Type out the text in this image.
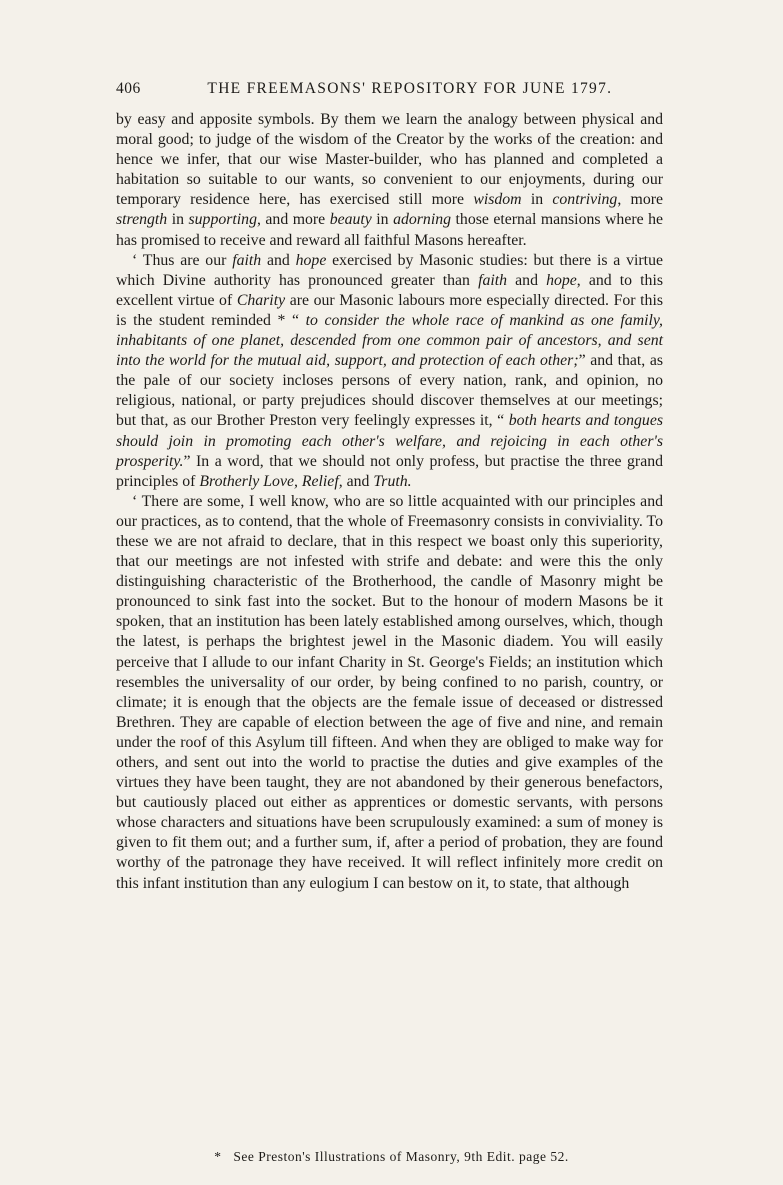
406	THE FREEMASONS' REPOSITORY FOR JUNE 1797.

by easy and apposite symbols. By them we learn the analogy between physical and moral good; to judge of the wisdom of the Creator by the works of the creation: and hence we infer, that our wise Master-builder, who has planned and completed a habitation so suitable to our wants, so convenient to our enjoyments, during our temporary residence here, has exercised still more wisdom in contriving, more strength in supporting, and more beauty in adorning those eternal mansions where he has promised to receive and reward all faithful Masons hereafter.

‘ Thus are our faith and hope exercised by Masonic studies: but there is a virtue which Divine authority has pronounced greater than faith and hope, and to this excellent virtue of Charity are our Masonic labours more especially directed. For this is the student reminded * “ to consider the whole race of mankind as one family, inhabitants of one planet, descended from one common pair of ancestors, and sent into the world for the mutual aid, support, and protection of each other;” and that, as the pale of our society incloses persons of every nation, rank, and opinion, no religious, national, or party prejudices should discover themselves at our meetings; but that, as our Brother Preston very feelingly expresses it, “ both hearts and tongues should join in promoting each other's welfare, and rejoicing in each other's prosperity.” In a word, that we should not only profess, but practise the three grand principles of Brotherly Love, Relief, and Truth.

‘ There are some, I well know, who are so little acquainted with our principles and our practices, as to contend, that the whole of Freemasonry consists in conviviality. To these we are not afraid to declare, that in this respect we boast only this superiority, that our meetings are not infested with strife and debate: and were this the only distinguishing characteristic of the Brotherhood, the candle of Masonry might be pronounced to sink fast into the socket. But to the honour of modern Masons be it spoken, that an institution has been lately established among ourselves, which, though the latest, is perhaps the brightest jewel in the Masonic diadem. You will easily perceive that I allude to our infant Charity in St. George's Fields; an institution which resembles the universality of our order, by being confined to no parish, country, or climate; it is enough that the objects are the female issue of deceased or distressed Brethren. They are capable of election between the age of five and nine, and remain under the roof of this Asylum till fifteen. And when they are obliged to make way for others, and sent out into the world to practise the duties and give examples of the virtues they have been taught, they are not abandoned by their generous benefactors, but cautiously placed out either as apprentices or domestic servants, with persons whose characters and situations have been scrupulously examined: a sum of money is given to fit them out; and a further sum, if, after a period of probation, they are found worthy of the patronage they have received. It will reflect infinitely more credit on this infant institution than any eulogium I can bestow on it, to state, that although

* See Preston's Illustrations of Masonry, 9th Edit. page 52.
